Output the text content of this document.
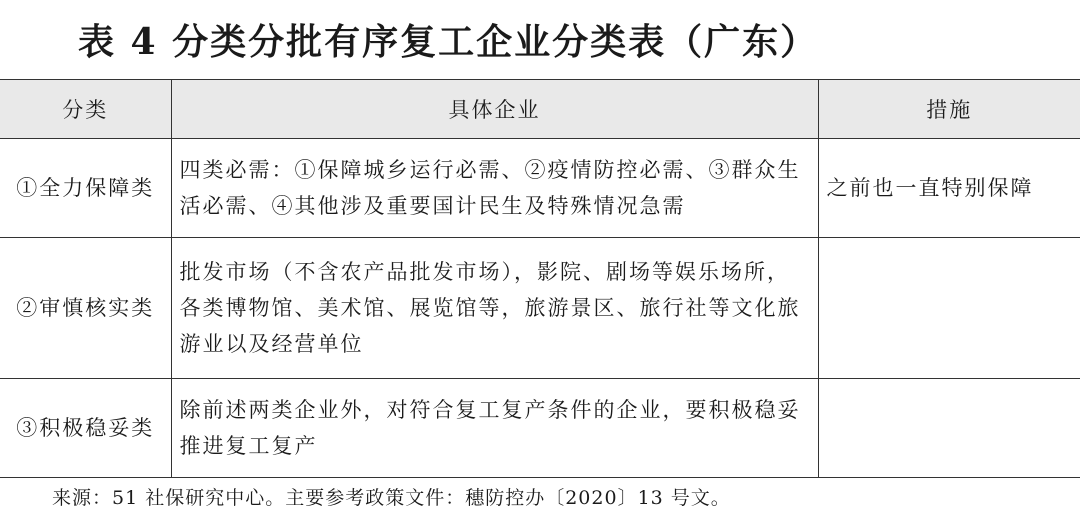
表 4 分类分批有序复工企业分类表（广东）
分类	具体企业	措施
①全力保障类	四类必需：①保障城乡运行必需、②疫情防控必需、③群众生活必需、④其他涉及重要国计民生及特殊情况急需	之前也一直特别保障
②审慎核实类	批发市场（不含农产品批发市场），影院、剧场等娱乐场所，各类博物馆、美术馆、展览馆等，旅游景区、旅行社等文化旅游业以及经营单位	
③积极稳妥类	除前述两类企业外，对符合复工复产条件的企业，要积极稳妥推进复工复产	
来源：51 社保研究中心。主要参考政策文件：穗防控办〔2020〕13 号文。
